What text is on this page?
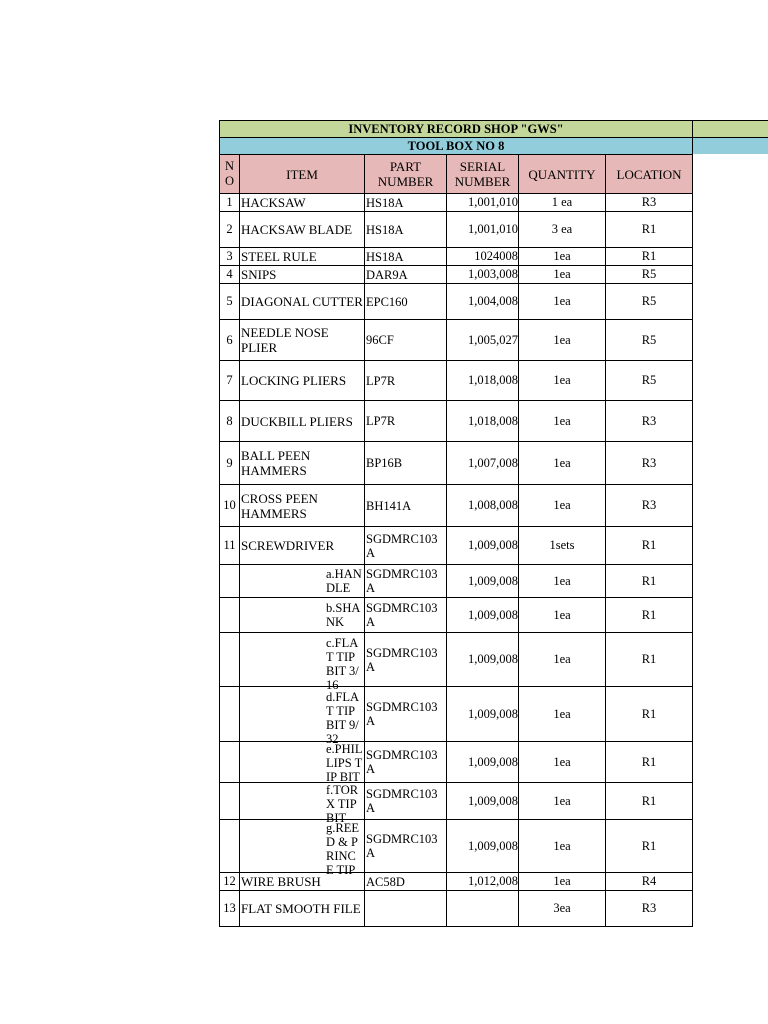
INVENTORY RECORD SHOP "GWS"
TOOL BOX NO 8
N O	ITEM	PART NUMBER	SERIAL NUMBER	QUANTITY	LOCATION
1	HACKSAW	HS18A	1,001,010	1 ea	R3
2	HACKSAW BLADE	HS18A	1,001,010	3 ea	R1
3	STEEL RULE	HS18A	1024008	1ea	R1
4	SNIPS	DAR9A	1,003,008	1ea	R5
5	DIAGONAL CUTTER	EPC160	1,004,008	1ea	R5
6	NEEDLE NOSE PLIER	96CF	1,005,027	1ea	R5
7	LOCKING PLIERS	LP7R	1,018,008	1ea	R5
8	DUCKBILL PLIERS	LP7R	1,018,008	1ea	R3
9	BALL PEEN HAMMERS	BP16B	1,007,008	1ea	R3
10	CROSS PEEN HAMMERS	BH141A	1,008,008	1ea	R3
11	SCREWDRIVER	SGDMRC103A	1,009,008	1sets	R1

	a.HANDLE	SGDMRC103A	1,009,008	1ea	R1

	b.SHANK	SGDMRC103A	1,009,008	1ea	R1

	c.FLAT TIP BIT 3/16	SGDMRC103A	1,009,008	1ea	R1

	d.FLAT TIP BIT 9/32	SGDMRC103A	1,009,008	1ea	R1

	e.PHILLIPS TIP BIT	SGDMRC103A	1,009,008	1ea	R1

	f.TORX TIP BIT	SGDMRC103A	1,009,008	1ea	R1

	g.REED & PRINCE TIP	SGDMRC103A	1,009,008	1ea	R1
12	WIRE BRUSH	AC58D	1,012,008	1ea	R4
13	FLAT SMOOTH FILE			3ea	R3
